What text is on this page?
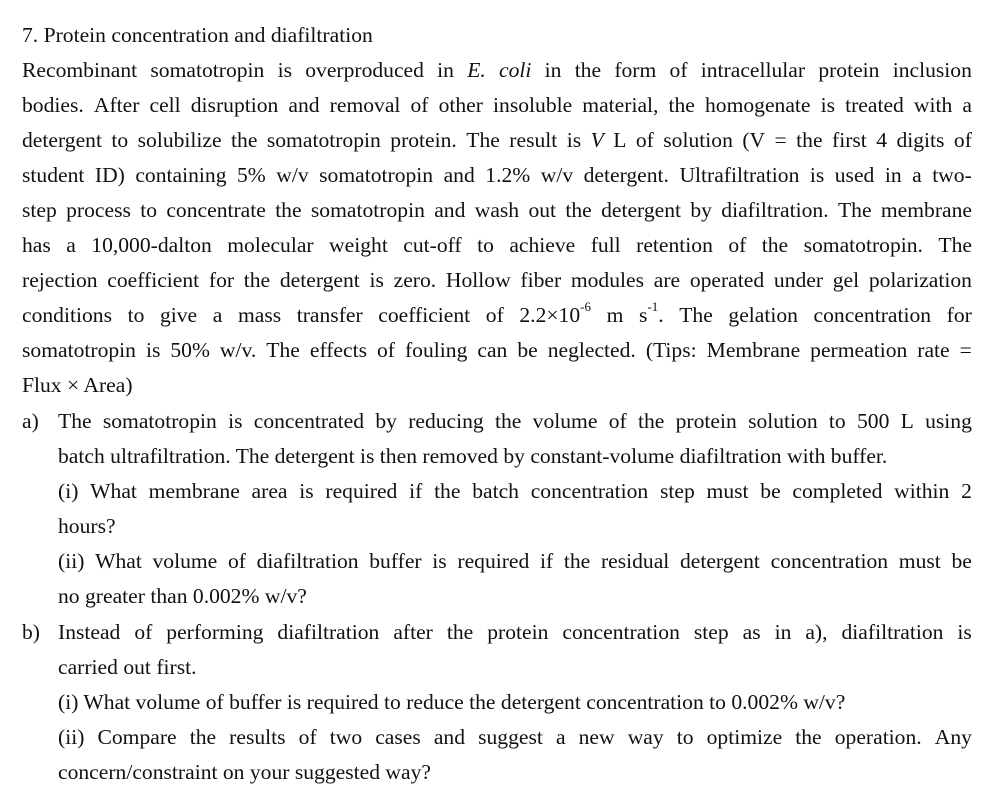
7. Protein concentration and diafiltration

Recombinant somatotropin is overproduced in E. coli in the form of intracellular protein inclusion

bodies. After cell disruption and removal of other insoluble material, the homogenate is treated with a

detergent to solubilize the somatotropin protein. The result is V L of solution (V = the first 4 digits of

student ID) containing 5% w/v somatotropin and 1.2% w/v detergent. Ultrafiltration is used in a two-

step process to concentrate the somatotropin and wash out the detergent by diafiltration. The membrane

has a 10,000-dalton molecular weight cut-off to achieve full retention of the somatotropin. The

rejection coefficient for the detergent is zero. Hollow fiber modules are operated under gel polarization

conditions to give a mass transfer coefficient of $2.2\times 10^{-6}$ m $s^{-1}$. The gelation concentration for

somatotropin is 50% w/v. The effects of fouling can be neglected. (Tips: Membrane permeation rate =

Flux × Area)

a) The somatotropin is concentrated by reducing the volume of the protein solution to 500 L using

batch ultrafiltration. The detergent is then removed by constant-volume diafiltration with buffer.

(i) What membrane area is required if the batch concentration step must be completed within 2

hours?

(ii) What volume of diafiltration buffer is required if the residual detergent concentration must be

no greater than 0.002% w/v?

b) Instead of performing diafiltration after the protein concentration step as in a), diafiltration is

carried out first.

(i) What volume of buffer is required to reduce the detergent concentration to 0.002% w/v?

(ii) Compare the results of two cases and suggest a new way to optimize the operation. Any

concern/constraint on your suggested way?
